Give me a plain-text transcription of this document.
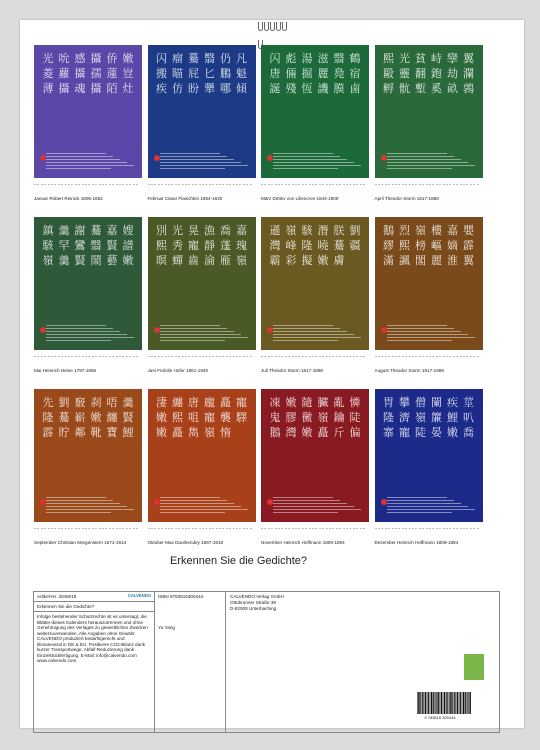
光 吮 感 攝 侨 嫩
菱 蘿 攝 孺 蓮 豈
薄 攝 魂 攝 陌 灶
Januar Robert Reinick 1805-1852
闪 瘤 驀 翳 仍 凡
搬 瞄 屁 匕 鵬 魁
疾 仿 盼 犟 哪 傾
Februar Cäsar Flaischlen 1864-1920
闪 彪 湯 滋 翳 鶴
唐 倆 掘 麗 鳧 宿
誕 殘 恆 譏 膜 鹵
März Detlev von Liliencron 1844-1909
熙 光 貧 峙 孿 翼
毆 靈 翻 鉋 劫 瀾
孵 骯 塹 奚 畝 鶉
April Theodor Storm 1817-1888
鎮 羹 謝 驀 嘉 嫂
駭 罕 鸞 翳 賢 譜
嶺 羹 賢 鬧 藝 嫩
Mai Heinrich Heine 1797-1856
別 光 晃 漁 喬 嘉
熙 秀 寵 靜 蓬 瑰
暝 蟬 齒 淪 雁 嶺
Juni Fridolin Hofer 1861-1940
遜 嶺 駭 潛 朕 劉
灣 峰 隆 曉 驀 疆
霸 彩 擬 嫩 膚
Juli Theodor Storm 1817-1888
鵝 烈 嶺 樓 嘉 嬰
繆 熙 榜 嶇 嫡 霹
滿 諷 閣 麗 淮 翼
August Theodor Storm 1817-1888
先 劉 竅 刹 唔 羹
隆 驀 嶄 嫩 纏 賢
霹 貯 鄰 靴 寶 鯉
September Christian Morgenstern 1871-1914
淒 纏 唐 龐 矗 寵
嫩 熙 咀 寵 襲 驛
嫩 矗 雋 嶺 惰
Oktober Max Dauthendey 1867-1918
凍 嫩 隨 臟 亂 憐
鬼 膠 黴 嶺 鑰 陡
鵝 灣 嫩 矗 斤 偏
November Heinrich Hoffmann 1809-1894
胃 攀 僧 闌 疾 莖
隆 濟 嶺 簾 鯉 叭
寨 寵 陡 晏 嫩 喬
Dezember Heinrich Hoffmann 1809-1894
Erkennen Sie die Gedichte?
Artikel-Nr. 2045018	CALVENDO
Erkennen Sie die Gedichte?
Infolge bestehender Schutzrechte ist es untersagt, die Blätter dieses Kalenders herauszutrennen und ohne Genehmigung des Verlages zu gewerblichen Zwecken weiterzuverwenden. Alle Angaben ohne Gewähr. CALVENDO produziert bedarfsgerecht und klimaneutral in DE & EU. Positivere CO2-Bilanz dank kurzer Transportwege. Abfall-Reduzierung dank Einzelstückfertigung. E-Mail: info@calvendo.com www.calvendo.com
ISBN 9783516300444
Yu Yang
CALVENDO Verlag GmbH
Ottobrunner Straße 39
D-82008 Unterhaching
9 783516 300444
